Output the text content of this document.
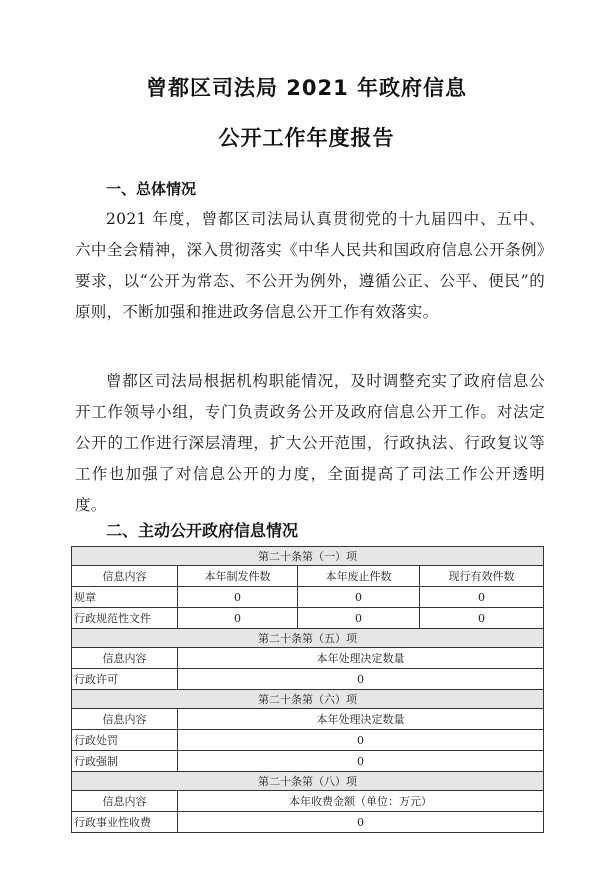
曾都区司法局 2021 年政府信息
公开工作年度报告
一、总体情况

2021 年度，曾都区司法局认真贯彻党的十九届四中、五中、六中全会精神，深入贯彻落实《中华人民共和国政府信息公开条例》要求，以“公开为常态、不公开为例外，遵循公正、公平、便民”的原则，不断加强和推进政务信息公开工作有效落实。

曾都区司法局根据机构职能情况，及时调整充实了政府信息公开工作领导小组，专门负责政务公开及政府信息公开工作。对法定公开的工作进行深层清理，扩大公开范围，行政执法、行政复议等工作也加强了对信息公开的力度，全面提高了司法工作公开透明度。

二、主动公开政府信息情况
第二十条第（一）项			
信息内容	本年制发件数	本年废止件数	现行有效件数
规章	0	0	0
行政规范性文件	0	0	0
第二十条第（五）项			
信息内容	本年处理决定数量		
行政许可	0		
第二十条第（六）项			
信息内容	本年处理决定数量		
行政处罚	0		
行政强制	0		
第二十条第（八）项			
信息内容	本年收费金额（单位：万元）		
行政事业性收费	0		
